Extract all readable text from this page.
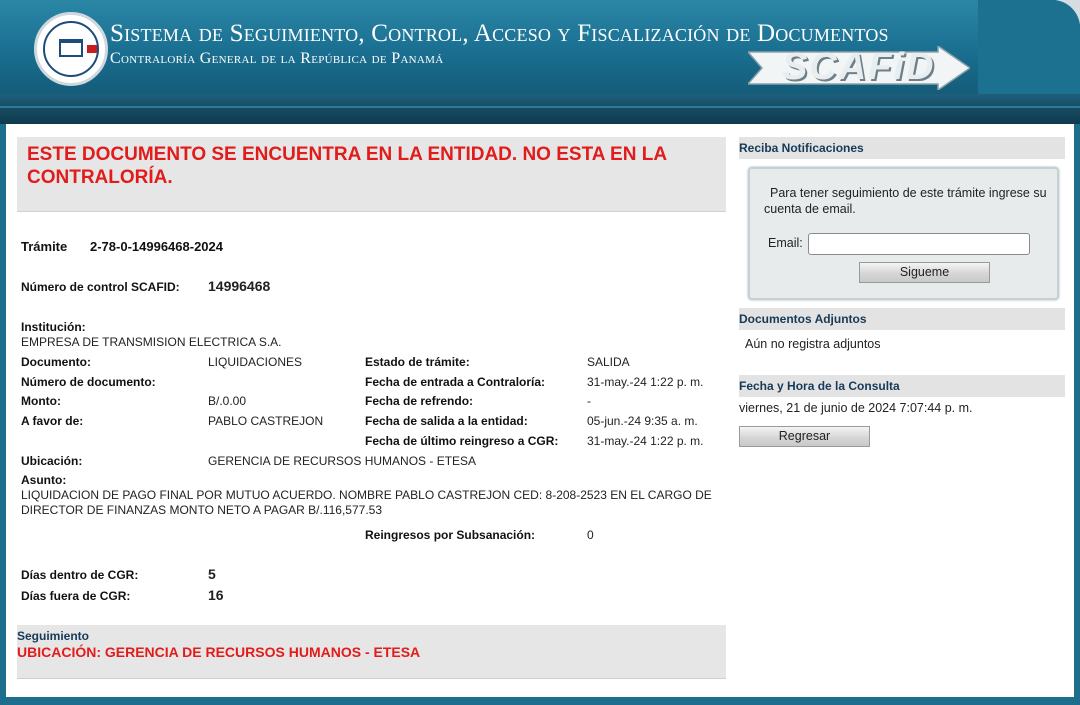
Sistema de Seguimiento, Control, Acceso y Fiscalización de Documentos
Contraloría General de la República de Panamá	SCAFiD
ESTE DOCUMENTO SE ENCUENTRA EN LA ENTIDAD. NO ESTA EN LA CONTRALORÍA.
Trámite 2-78-0-14996468-2024
Número de control SCAFID: 14996468
Institución:
EMPRESA DE TRANSMISION ELECTRICA S.A.
Documento:	LIQUIDACIONES
Número de documento:
Monto:	B/.0.00
A favor de:	PABLO CASTREJON
Estado de trámite:	SALIDA
Fecha de entrada a Contraloría:	31-may.-24 1:22 p. m.
Fecha de refrendo:	-
Fecha de salida a la entidad:	05-jun.-24 9:35 a. m.
Fecha de último reingreso a CGR: 31-may.-24 1:22 p. m.
Ubicación:	GERENCIA DE RECURSOS HUMANOS - ETESA
Asunto:
LIQUIDACION DE PAGO FINAL POR MUTUO ACUERDO. NOMBRE PABLO CASTREJON CED: 8-208-2523 EN EL CARGO DE
DIRECTOR DE FINANZAS MONTO NETO A PAGAR B/.116,577.53
Reingresos por Subsanación:	0
Días dentro de CGR:	5
Días fuera de CGR:	16
Seguimiento
UBICACIÓN: GERENCIA DE RECURSOS HUMANOS - ETESA
Reciba Notificaciones
Para tener seguimiento de este trámite ingrese su cuenta de email.
Email:
Sigueme
Documentos Adjuntos
Aún no registra adjuntos
Fecha y Hora de la Consulta
viernes, 21 de junio de 2024 7:07:44 p. m.
Regresar
